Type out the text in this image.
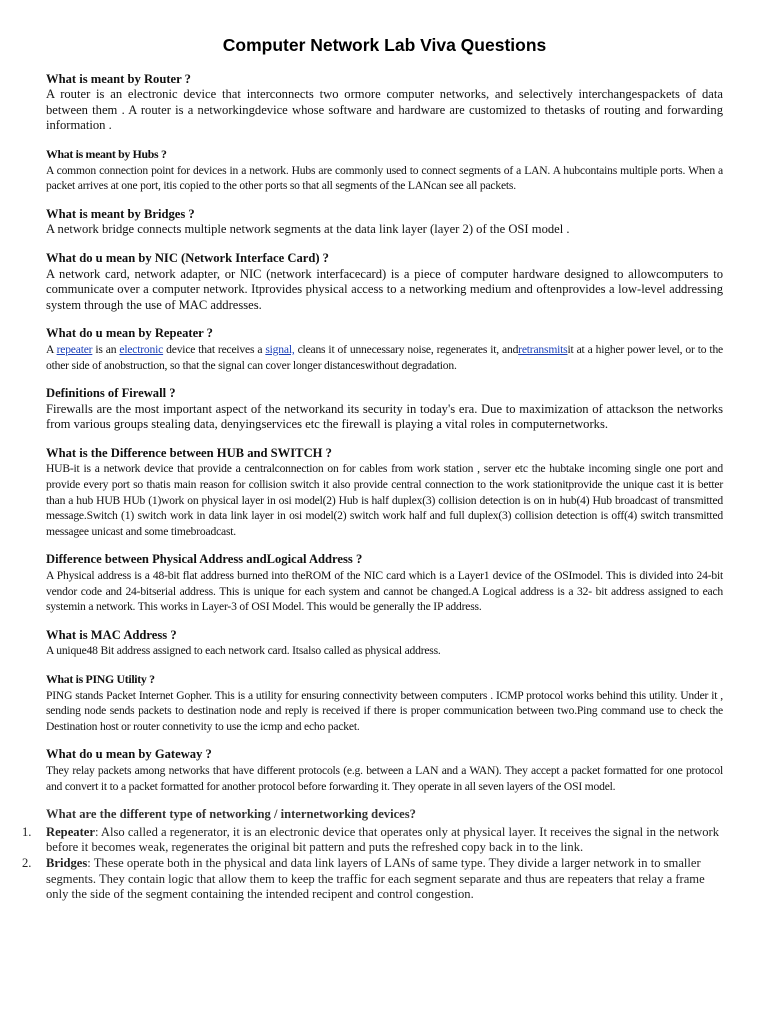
Computer Network Lab Viva Questions

What is meant by Router ?

A router is an electronic device that interconnects two ormore computer networks, and selectively interchangespackets of data between them . A router is a networkingdevice whose software and hardware are customized to thetasks of routing and forwarding information .

What is meant by Hubs ?

A common connection point for devices in a network. Hubs are commonly used to connect segments of a LAN. A hubcontains multiple ports. When a packet arrives at one port, itis copied to the other ports so that all segments of the LANcan see all packets.

What is meant by Bridges ?

A network bridge connects multiple network segments at the data link layer (layer 2) of the OSI model .

What do u mean by NIC (Network Interface Card) ?

A network card, network adapter, or NIC (network interfacecard) is a piece of computer hardware designed to allowcomputers to communicate over a computer network. Itprovides physical access to a networking medium and oftenprovides a low-level addressing system through the use of MAC addresses.

What do u mean by Repeater ?

A repeater is an electronic device that receives a signal, cleans it of unnecessary noise, regenerates it, andretransmitsit at a higher power level, or to the other side of anobstruction, so that the signal can cover longer distanceswithout degradation.

Definitions of Firewall ?

Firewalls are the most important aspect of the networkand its security in today's era. Due to maximization of attackson the networks from various groups stealing data, denyingservices etc the firewall is playing a vital roles in computernetworks.

What is the Difference between HUB and SWITCH ?

HUB-it is a network device that provide a centralconnection on for cables from work station , server etc the hubtake incoming single one port and provide every port so thatis main reason for collision switch it also provide central connection to the work stationitprovide the unique cast it is better than a hub HUB HUb (1)work on physical layer in osi model(2) Hub is half duplex(3) collision detection is on in hub(4) Hub broadcast of transmitted message.Switch (1) switch work in data link layer in osi model(2) switch work half and full duplex(3) collision detection is off(4) switch transmitted messagee unicast and some timebroadcast.

Difference between Physical Address andLogical Address ?

A Physical address is a 48-bit flat address burned into theROM of the NIC card which is a Layer1 device of the OSImodel. This is divided into 24-bit vendor code and 24-bitserial address. This is unique for each system and cannot be changed.A Logical address is a 32- bit address assigned to each systemin a network. This works in Layer-3 of OSI Model. This would be generally the IP address.

What is MAC Address ?

A unique48 Bit address assigned to each network card. Itsalso called as physical address.

What is PING Utility ?

PING stands Packet Internet Gopher. This is a utility for ensuring connectivity between computers . ICMP protocol works behind this utility. Under it , sending node sends packets to destination node and reply is received if there is proper communication between two.Ping command use to check the Destination host or router connetivity to use the icmp and echo packet.

What do u mean by Gateway ?

They relay packets among networks that have different protocols (e.g. between a LAN and a WAN). They accept a packet formatted for one protocol and convert it to a packet formatted for another protocol before forwarding it. They operate in all seven layers of the OSI model.

What are the different type of networking / internetworking devices?

1. Repeater: Also called a regenerator, it is an electronic device that operates only at physical layer. It receives the signal in the network before it becomes weak, regenerates the original bit pattern and puts the refreshed copy back in to the link.
2. Bridges: These operate both in the physical and data link layers of LANs of same type. They divide a larger network in to smaller segments. They contain logic that allow them to keep the traffic for each segment separate and thus are repeaters that relay a frame only the side of the segment containing the intended recipent and control congestion.
